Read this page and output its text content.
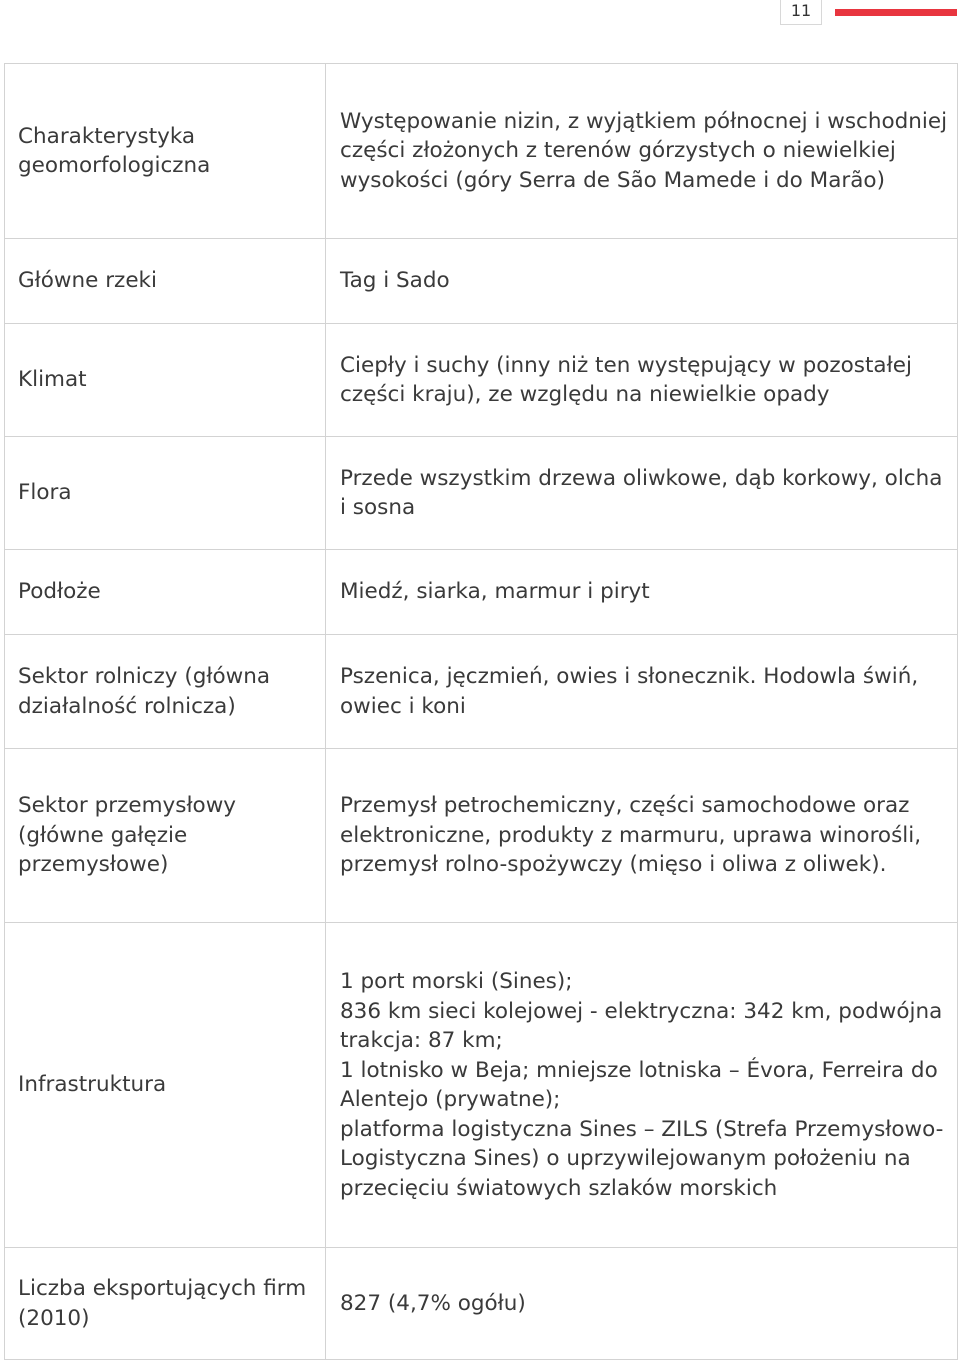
11
Charakterystyka geomorfologiczna	Występowanie nizin, z wyjątkiem północnej i wschodniej części złożonych z terenów górzystych o niewielkiej wysokości (góry Serra de São Mamede i do Marão)
Główne rzeki	Tag i Sado
Klimat	Ciepły i suchy (inny niż ten występujący w pozostałej części kraju), ze względu na niewielkie opady
Flora	Przede wszystkim drzewa oliwkowe, dąb korkowy, olcha i sosna
Podłoże	Miedź, siarka, marmur i piryt
Sektor rolniczy (główna działalność rolnicza)	Pszenica, jęczmień, owies i słonecznik. Hodowla świń, owiec i koni
Sektor przemysłowy (główne gałęzie przemysłowe)	Przemysł petrochemiczny, części samochodowe oraz elektroniczne, produkty z marmuru, uprawa winorośli, przemysł rolno-spożywczy (mięso i oliwa z oliwek).
Infrastruktura	1 port morski (Sines);
836 km sieci kolejowej - elektryczna: 342 km, podwójna trakcja: 87 km;
1 lotnisko w Beja; mniejsze lotniska – Évora, Ferreira do Alentejo (prywatne);
platforma logistyczna Sines – ZILS (Strefa Przemysłowo-Logistyczna Sines) o uprzywilejowanym położeniu na przecięciu światowych szlaków morskich

Liczba eksportujących firm (2010)	827 (4,7% ogółu)
